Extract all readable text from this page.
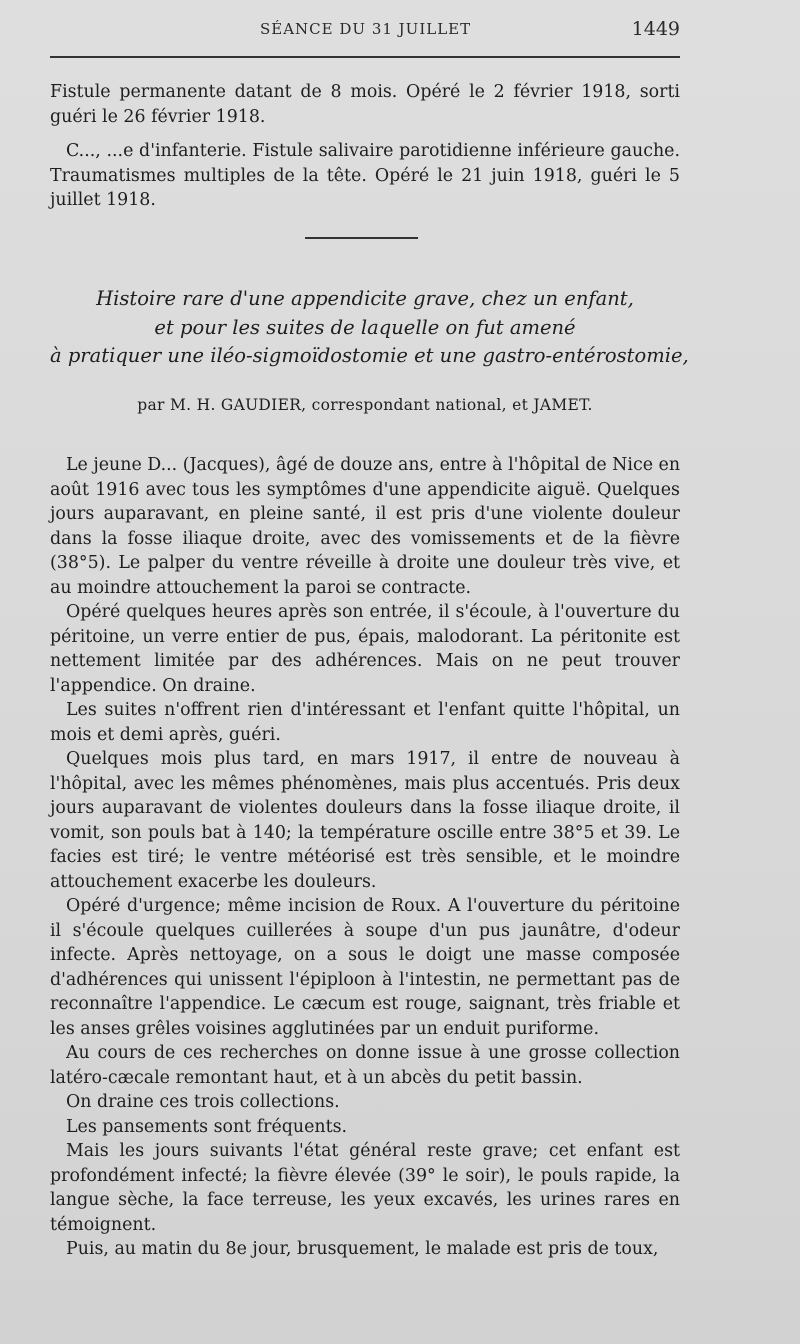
SÉANCE DU 31 JUILLET	1449

Fistule permanente datant de 8 mois. Opéré le 2 février 1918, sorti guéri le 26 février 1918.

C..., ...e d'infanterie. Fistule salivaire parotidienne inférieure gauche. Traumatismes multiples de la tête. Opéré le 21 juin 1918, guéri le 5 juillet 1918.

Histoire rare d'une appendicite grave, chez un enfant,
et pour les suites de laquelle on fut amené
à pratiquer une iléo-sigmoïdostomie et une gastro-entérostomie,
par M. H. GAUDIER, correspondant national, et JAMET.

Le jeune D... (Jacques), âgé de douze ans, entre à l'hôpital de Nice en août 1916 avec tous les symptômes d'une appendicite aiguë. Quelques jours auparavant, en pleine santé, il est pris d'une violente douleur dans la fosse iliaque droite, avec des vomissements et de la fièvre (38°5). Le palper du ventre réveille à droite une douleur très vive, et au moindre attouchement la paroi se contracte.

Opéré quelques heures après son entrée, il s'écoule, à l'ouverture du péritoine, un verre entier de pus, épais, malodorant. La péritonite est nettement limitée par des adhérences. Mais on ne peut trouver l'appendice. On draine.

Les suites n'offrent rien d'intéressant et l'enfant quitte l'hôpital, un mois et demi après, guéri.

Quelques mois plus tard, en mars 1917, il entre de nouveau à l'hôpital, avec les mêmes phénomènes, mais plus accentués. Pris deux jours auparavant de violentes douleurs dans la fosse iliaque droite, il vomit, son pouls bat à 140; la température oscille entre 38°5 et 39. Le facies est tiré; le ventre météorisé est très sensible, et le moindre attouchement exacerbe les douleurs.

Opéré d'urgence; même incision de Roux. A l'ouverture du péritoine il s'écoule quelques cuillerées à soupe d'un pus jaunâtre, d'odeur infecte. Après nettoyage, on a sous le doigt une masse composée d'adhérences qui unissent l'épiploon à l'intestin, ne permettant pas de reconnaître l'appendice. Le cæcum est rouge, saignant, très friable et les anses grêles voisines agglutinées par un enduit puriforme.

Au cours de ces recherches on donne issue à une grosse collection latéro-cæcale remontant haut, et à un abcès du petit bassin.

On draine ces trois collections.

Les pansements sont fréquents.

Mais les jours suivants l'état général reste grave; cet enfant est profondément infecté; la fièvre élevée (39° le soir), le pouls rapide, la langue sèche, la face terreuse, les yeux excavés, les urines rares en témoignent.

Puis, au matin du 8e jour, brusquement, le malade est pris de toux,
